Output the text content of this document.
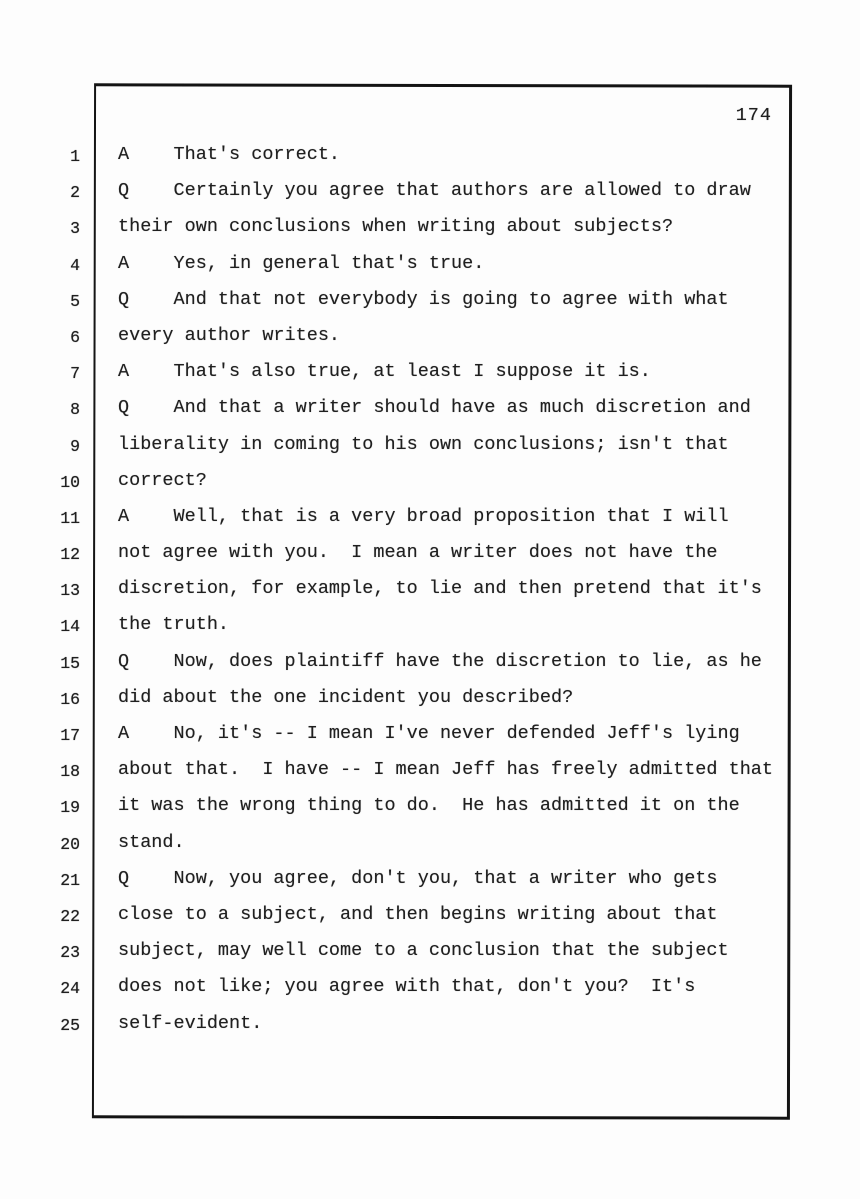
174
1 A    That's correct.
2 Q    Certainly you agree that authors are allowed to draw
3 their own conclusions when writing about subjects?
4 A    Yes, in general that's true.
5 Q    And that not everybody is going to agree with what
6 every author writes.
7 A    That's also true, at least I suppose it is.
8 Q    And that a writer should have as much discretion and
9 liberality in coming to his own conclusions; isn't that
10 correct?
11 A    Well, that is a very broad proposition that I will
12 not agree with you.  I mean a writer does not have the
13 discretion, for example, to lie and then pretend that it's
14 the truth.
15 Q    Now, does plaintiff have the discretion to lie, as he
16 did about the one incident you described?
17 A    No, it's -- I mean I've never defended Jeff's lying
18 about that.  I have -- I mean Jeff has freely admitted that
19 it was the wrong thing to do.  He has admitted it on the
20 stand.
21 Q    Now, you agree, don't you, that a writer who gets
22 close to a subject, and then begins writing about that
23 subject, may well come to a conclusion that the subject
24 does not like; you agree with that, don't you?  It's
25 self-evident.
